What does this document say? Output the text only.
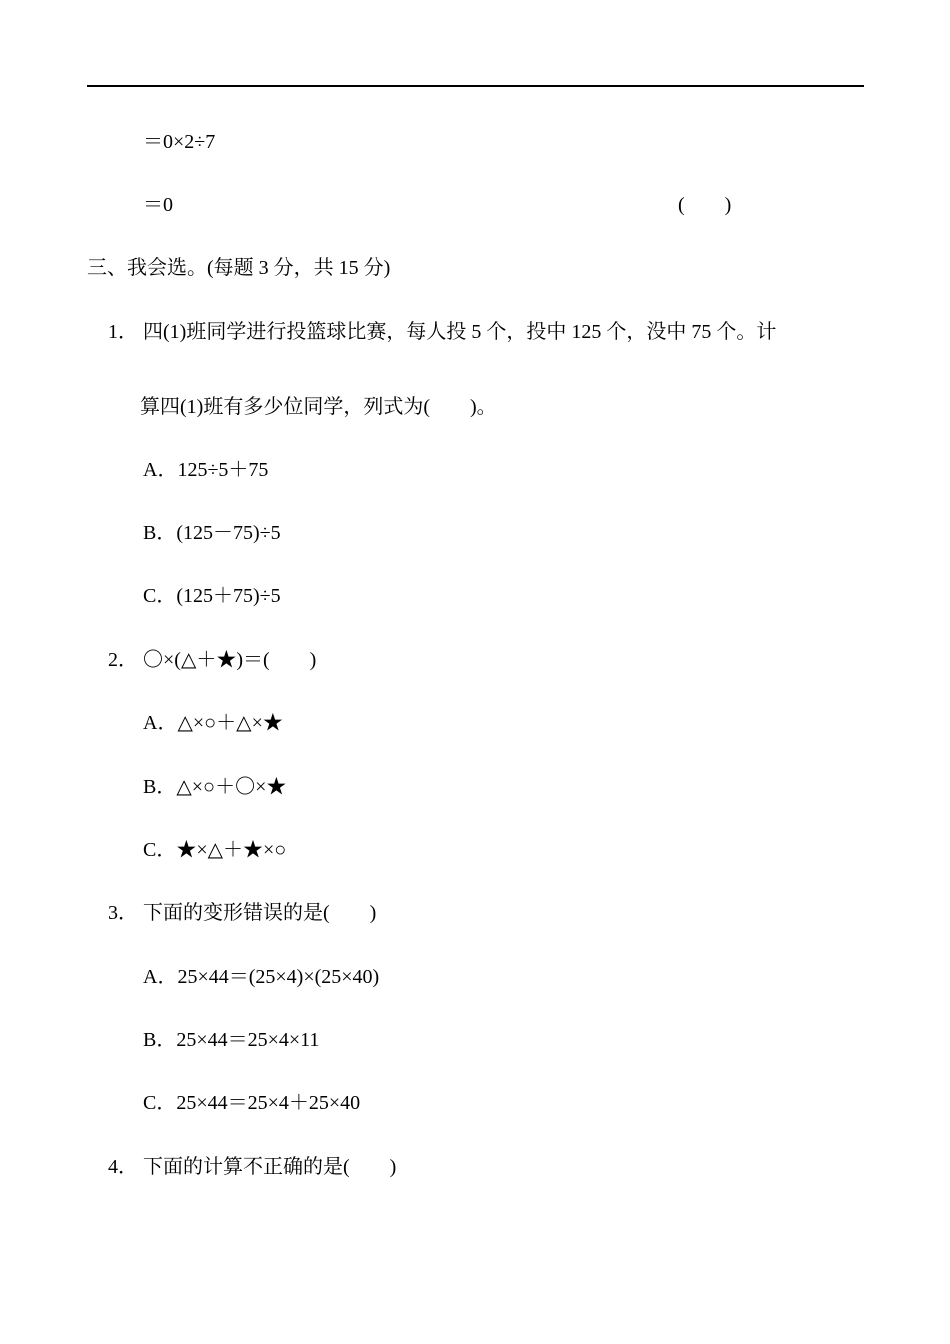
＝0×2÷7
＝0	(　　)
三、我会选。(每题 3 分，共 15 分)
1． 四(1)班同学进行投篮球比赛，每人投 5 个，投中 125 个，没中 75 个。计
算四(1)班有多少位同学，列式为(　　)。
A．125÷5＋75
B．(125－75)÷5
C．(125＋75)÷5
2． 〇×(△＋★)＝(　　)
A．△×○＋△×★
B．△×○＋〇×★
C．★×△＋★×○
3． 下面的变形错误的是(　　)
A．25×44＝(25×4)×(25×40)
B．25×44＝25×4×11
C．25×44＝25×4＋25×40
4． 下面的计算不正确的是(　　)
